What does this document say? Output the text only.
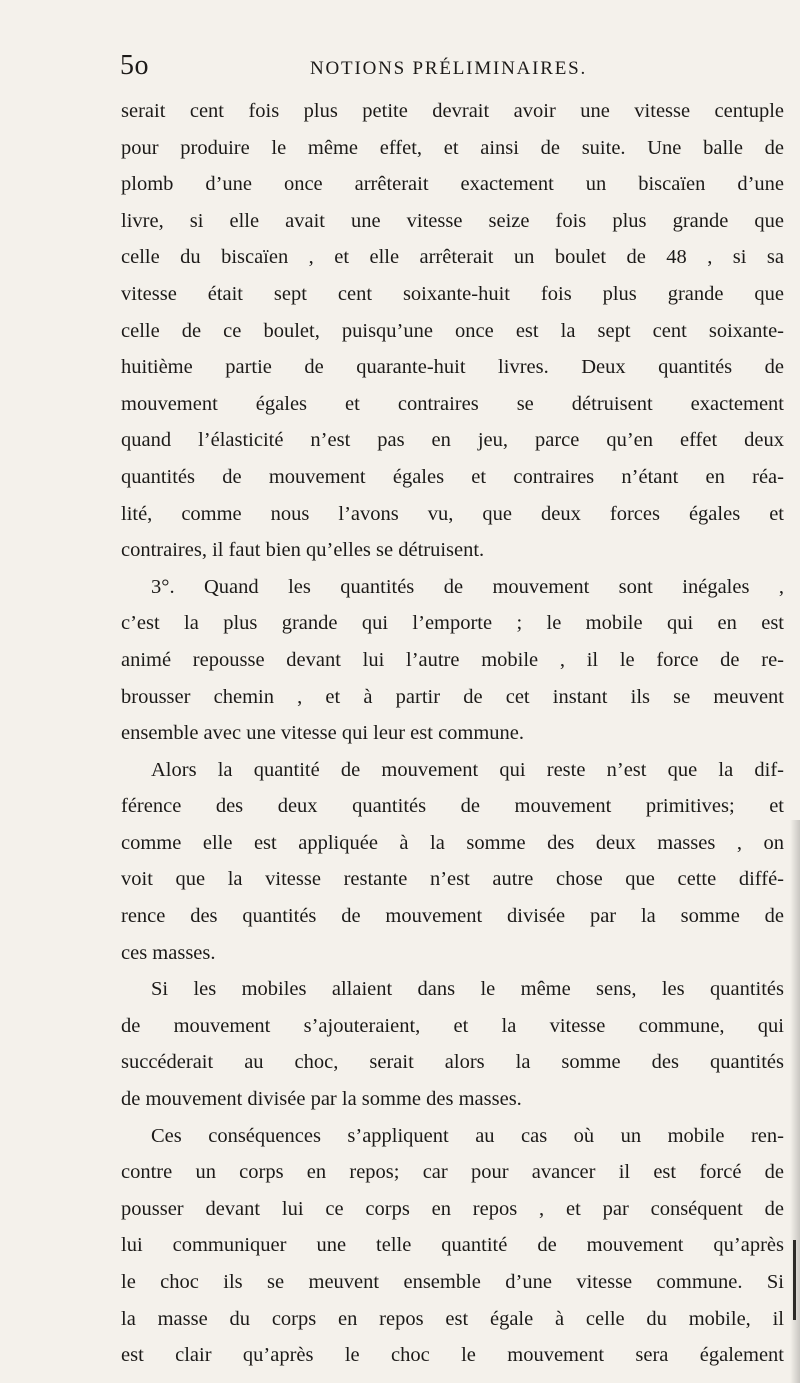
5o	NOTIONS PRÉLIMINAIRES.
serait cent fois plus petite devrait avoir une vitesse centuple
pour produire le même effet, et ainsi de suite. Une balle de
plomb d’une once arrêterait exactement un biscaïen d’une
livre, si elle avait une vitesse seize fois plus grande que
celle du biscaïen , et elle arrêterait un boulet de 48 , si sa
vitesse était sept cent soixante-huit fois plus grande que
celle de ce boulet, puisqu’une once est la sept cent soixante-
huitième partie de quarante-huit livres. Deux quantités de
mouvement égales et contraires se détruisent exactement
quand l’élasticité n’est pas en jeu, parce qu’en effet deux
quantités de mouvement égales et contraires n’étant en réa-
lité, comme nous l’avons vu, que deux forces égales et
contraires, il faut bien qu’elles se détruisent.
3°. Quand les quantités de mouvement sont inégales ,
c’est la plus grande qui l’emporte ; le mobile qui en est
animé repousse devant lui l’autre mobile , il le force de re-
brousser chemin , et à partir de cet instant ils se meuvent
ensemble avec une vitesse qui leur est commune.
Alors la quantité de mouvement qui reste n’est que la dif-
férence des deux quantités de mouvement primitives; et
comme elle est appliquée à la somme des deux masses , on
voit que la vitesse restante n’est autre chose que cette diffé-
rence des quantités de mouvement divisée par la somme de
ces masses.
Si les mobiles allaient dans le même sens, les quantités
de mouvement s’ajouteraient, et la vitesse commune, qui
succéderait au choc, serait alors la somme des quantités
de mouvement divisée par la somme des masses.
Ces conséquences s’appliquent au cas où un mobile ren-
contre un corps en repos; car pour avancer il est forcé de
pousser devant lui ce corps en repos , et par conséquent de
lui communiquer une telle quantité de mouvement qu’après
le choc ils se meuvent ensemble d’une vitesse commune. Si
la masse du corps en repos est égale à celle du mobile, il
est clair qu’après le choc le mouvement sera également
